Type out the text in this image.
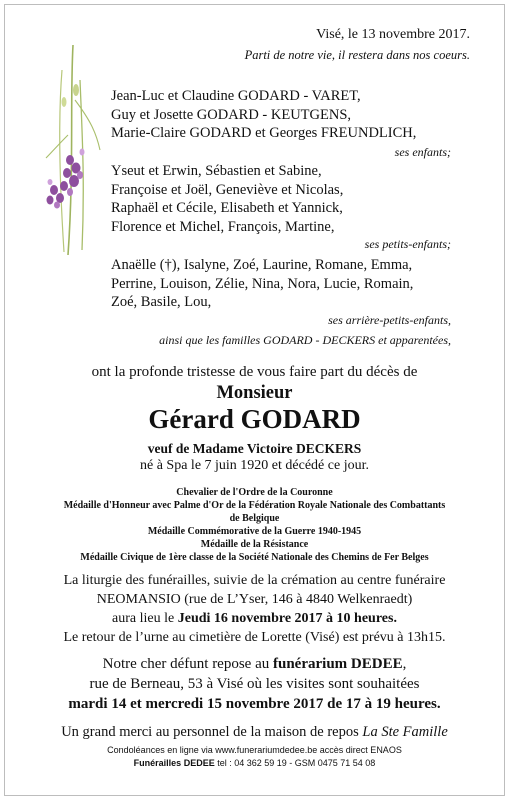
Visé, le 13 novembre 2017.
Parti de notre vie, il restera dans nos coeurs.
Jean-Luc et Claudine GODARD - VARET,
Guy et Josette GODARD - KEUTGENS,
Marie-Claire GODARD et Georges FREUNDLICH,
ses enfants;
Yseut et Erwin, Sébastien et Sabine,
Françoise et Joël, Geneviève et Nicolas,
Raphaël et Cécile, Elisabeth et Yannick,
Florence et Michel, François, Martine,
ses petits-enfants;
Anaëlle (†), Isalyne, Zoé, Laurine, Romane, Emma,
Perrine, Louison, Zélie, Nina, Nora, Lucie, Romain,
Zoé, Basile, Lou,
ses arrière-petits-enfants,
ainsi que les familles GODARD - DECKERS et apparentées,
ont la profonde tristesse de vous faire part du décès de
Monsieur
Gérard GODARD
veuf de Madame Victoire DECKERS
né à Spa le 7 juin 1920 et décédé ce jour.
Chevalier de l'Ordre de la Couronne
Médaille d'Honneur avec Palme d'Or de la Fédération Royale Nationale des Combattants
de Belgique
Médaille Commémorative de la Guerre 1940-1945
Médaille de la Résistance
Médaille Civique de 1ère classe de la Société Nationale des Chemins de Fer Belges
La liturgie des funérailles, suivie de la crémation au centre funéraire
NEOMANSIO (rue de L’Yser, 146 à 4840 Welkenraedt)
aura lieu le Jeudi 16 novembre 2017 à 10 heures.
Le retour de l’urne au cimetière de Lorette (Visé) est prévu à 13h15.
Notre cher défunt repose au funérarium DEDEE,
rue de Berneau, 53 à Visé où les visites sont souhaitées
mardi 14 et mercredi 15 novembre 2017 de 17 à 19 heures.
Un grand merci au personnel de la maison de repos La Ste Famille
Condoléances en ligne via www.funerariumdedee.be accès direct ENAOS
Funérailles DEDEE tel : 04 362 59 19 - GSM 0475 71 54 08
